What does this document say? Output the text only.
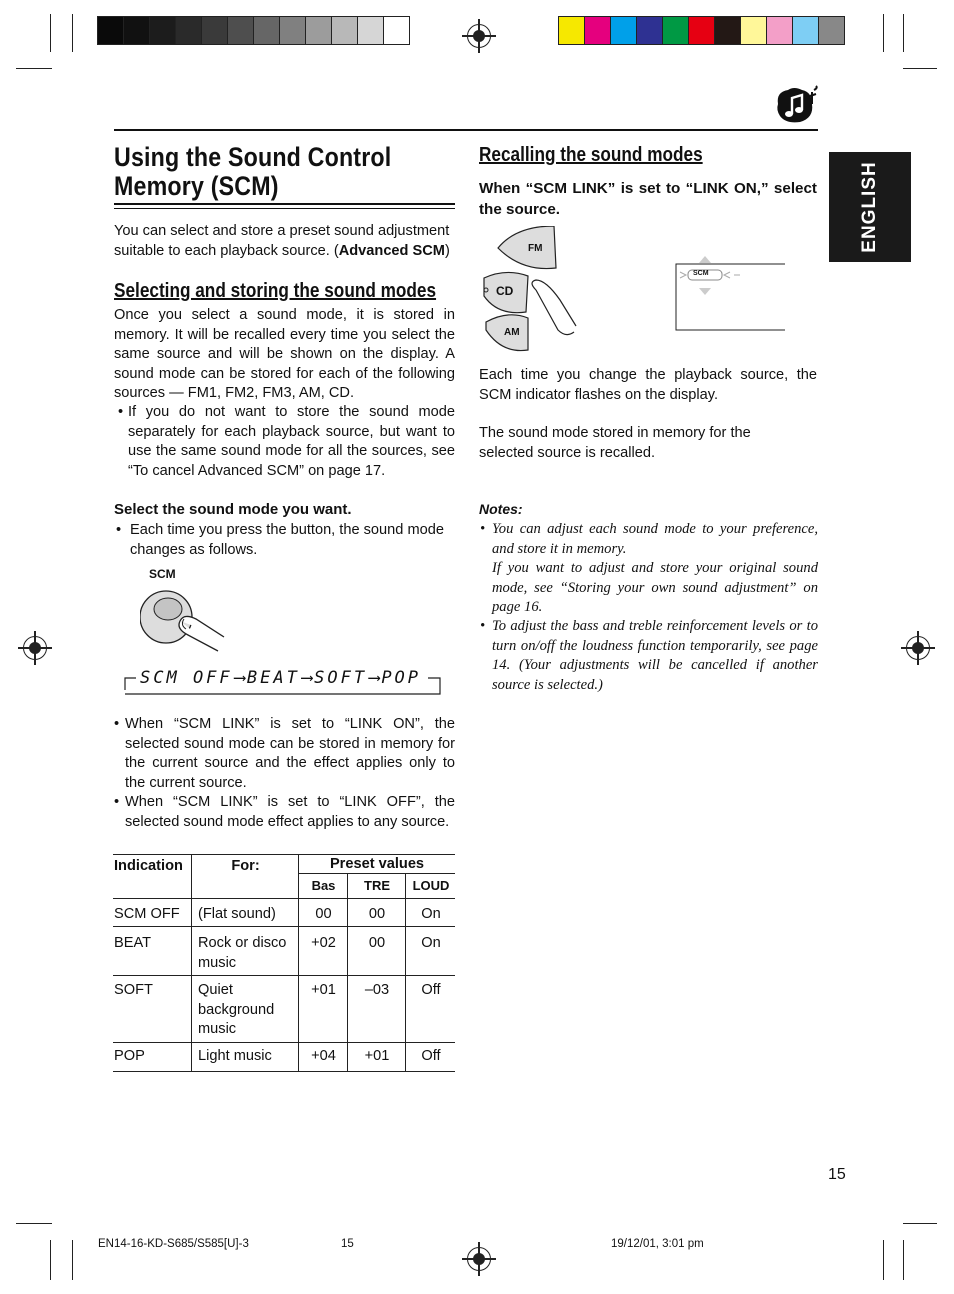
ENGLISH
Using the Sound Control
Memory (SCM)
You can select and store a preset sound adjustment suitable to each playback source. (Advanced SCM)
Selecting and storing the sound modes
Once you select a sound mode, it is stored in memory. It will be recalled every time you select the same source and will be shown on the display. A sound mode can be stored for each of the following sources — FM1, FM2, FM3, AM, CD.
• If you do not want to store the sound mode separately for each playback source, but want to use the same sound mode for all the sources, see “To cancel Advanced SCM” on page 17.
Select the sound mode you want.
• Each time you press the button, the sound mode changes as follows.
SCM
SCM OFF ⟶ BEAT ⟶ SOFT ⟶ POP
• When “SCM LINK” is set to “LINK ON”, the selected sound mode can be stored in memory for the current source and the effect applies only to the current source.
• When “SCM LINK” is set to “LINK OFF”, the selected sound mode effect applies to any source.
Indication	For:	Preset values		
		Bas	TRE	LOUD
SCM OFF	(Flat sound)	00	00	On
BEAT	Rock or disco music	+02	00	On
SOFT	Quiet background music	+01	–03	Off
POP	Light music	+04	+01	Off
Recalling the sound modes
When “SCM LINK” is set to “LINK ON,” select the source.
FM
CD
AM
SCM
Each time you change the playback source, the SCM indicator flashes on the display.
The sound mode stored in memory for the selected source is recalled.
Notes:
• You can adjust each sound mode to your preference, and store it in memory.
If you want to adjust and store your original sound mode, see “Storing your own sound adjustment” on page 16.
• To adjust the bass and treble reinforcement levels or to turn on/off the loudness function temporarily, see page 14. (Your adjustments will be cancelled if another source is selected.)
15
EN14-16-KD-S685/S585[U]-3	15	19/12/01, 3:01 pm
